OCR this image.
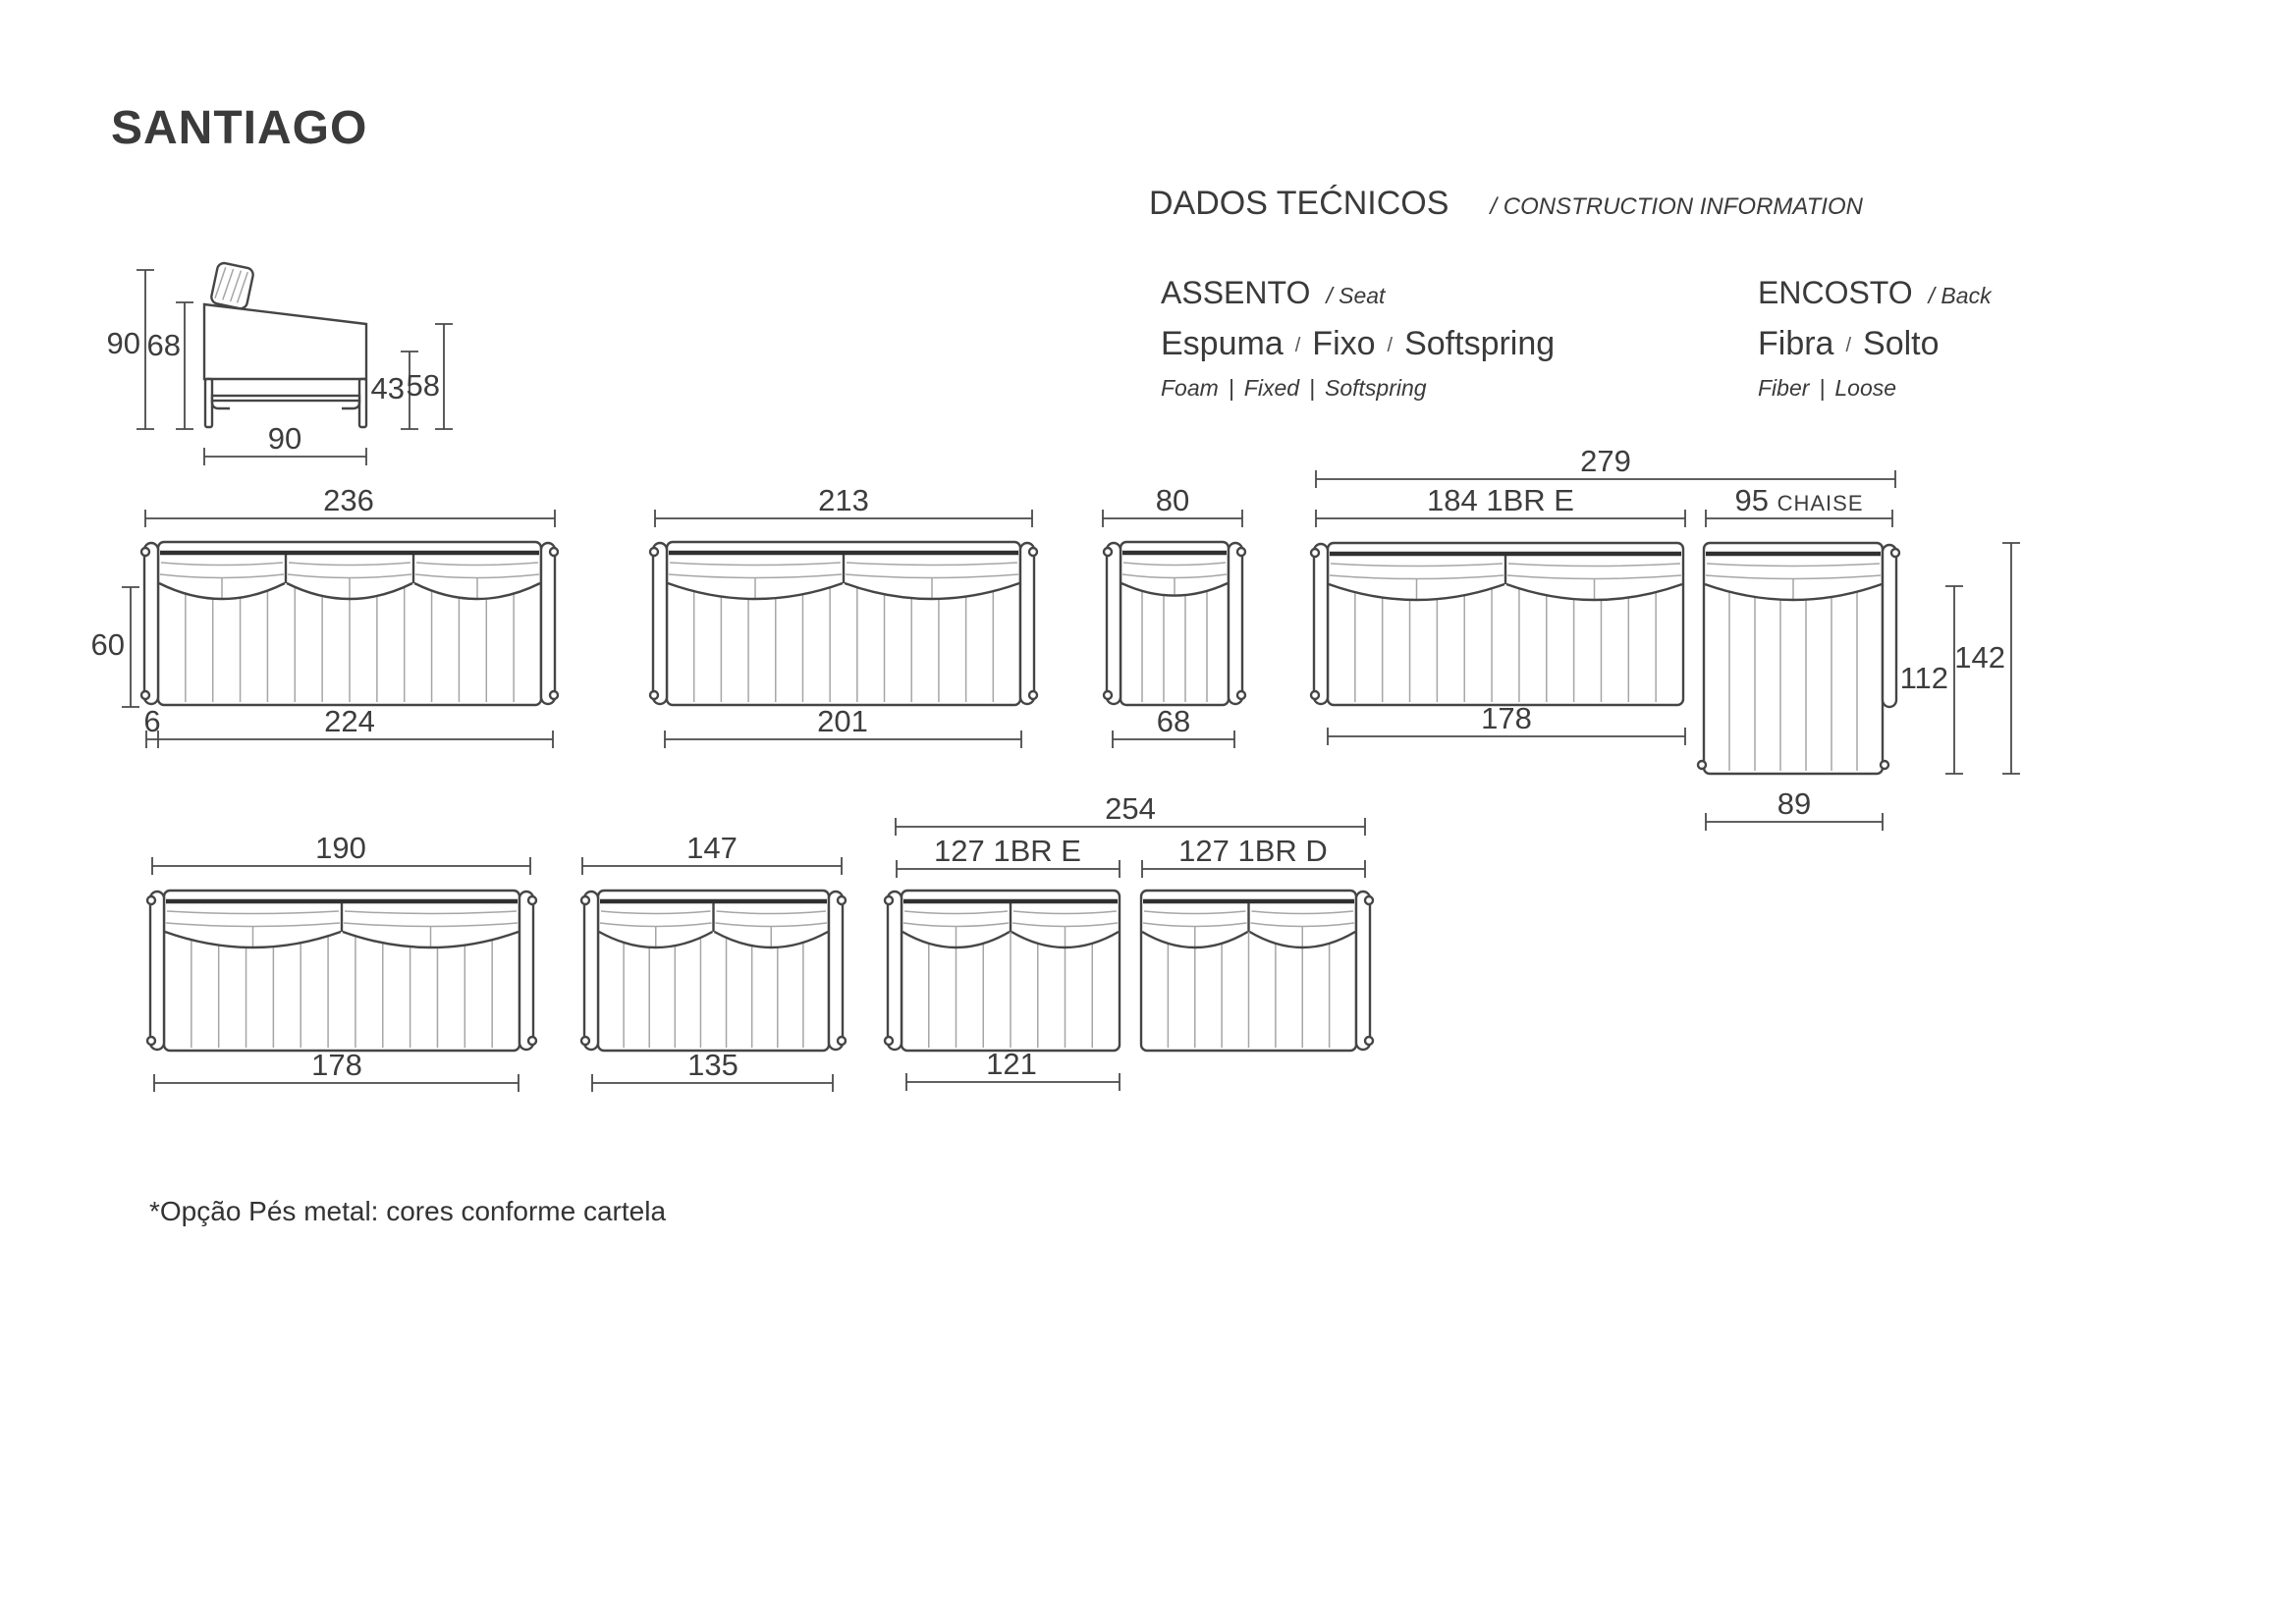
SANTIAGO
DADOS TEĆNICOS / CONSTRUCTION INFORMATION
ASSENTO / Seat
Espuma / Fixo / Softspring
Foam | Fixed | Softspring
ENCOSTO / Back
Fibra / Solto
Fiber | Loose
90 68
43 58
90
236
60
6	224
213
201
80
68
279
184 1BR E	95 CHAISE
178
89
112
142
190
178
147
135
254
127 1BR E	127 1BR D
121
*Opção Pés metal: cores conforme cartela
